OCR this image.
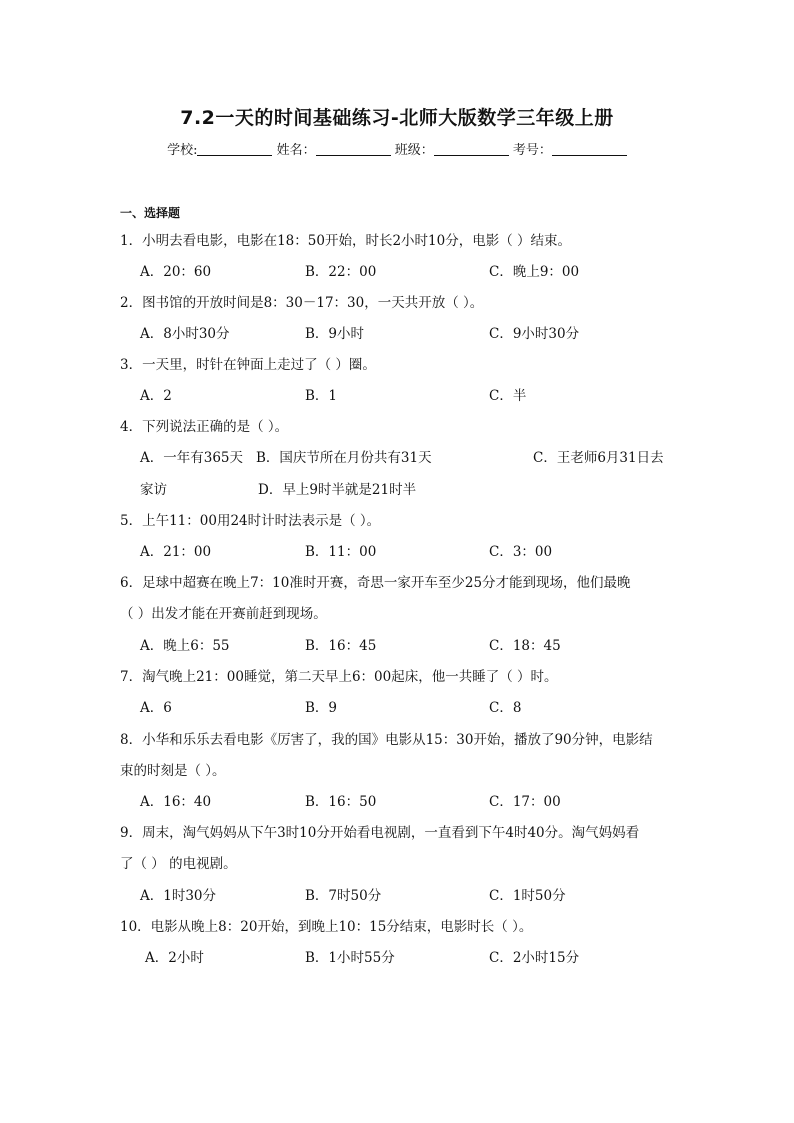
7.2一天的时间基础练习-北师大版数学三年级上册
学校:	姓名：	班级：	考号：
一、选择题
1．小明去看电影，电影在18：50开始，时长2小时10分，电影（ ）结束。
A．20：60	B．22：00	C．晚上9：00
2．图书馆的开放时间是8：30－17：30，一天共开放（ ）。
A．8小时30分	B．9小时	C．9小时30分
3．一天里，时针在钟面上走过了（ ）圈。
A．2	B．1	C．半
4．下列说法正确的是（ ）。
A．一年有365天 B．国庆节所在月份共有31天	C．王老师6月31日去
家访	D．早上9时半就是21时半
5．上午11：00用24时计时法表示是（ ）。
A．21：00	B．11：00	C．3：00
6．足球中超赛在晚上7：10准时开赛，奇思一家开车至少25分才能到现场，他们最晚
（ ）出发才能在开赛前赶到现场。
A．晚上6：55	B．16：45	C．18：45
7．淘气晚上21：00睡觉，第二天早上6：00起床，他一共睡了（ ）时。
A．6	B．9	C．8
8．小华和乐乐去看电影《厉害了，我的国》电影从15：30开始，播放了90分钟，电影结
束的时刻是（ ）。
A．16：40	B．16：50	C．17：00
9．周末，淘气妈妈从下午3时10分开始看电视剧，一直看到下午4时40分。淘气妈妈看
了（ ） 的电视剧。
A．1时30分	B．7时50分	C．1时50分
10．电影从晚上8：20开始，到晚上10：15分结束，电影时长（ ）。
A．2小时	B．1小时55分	C．2小时15分
